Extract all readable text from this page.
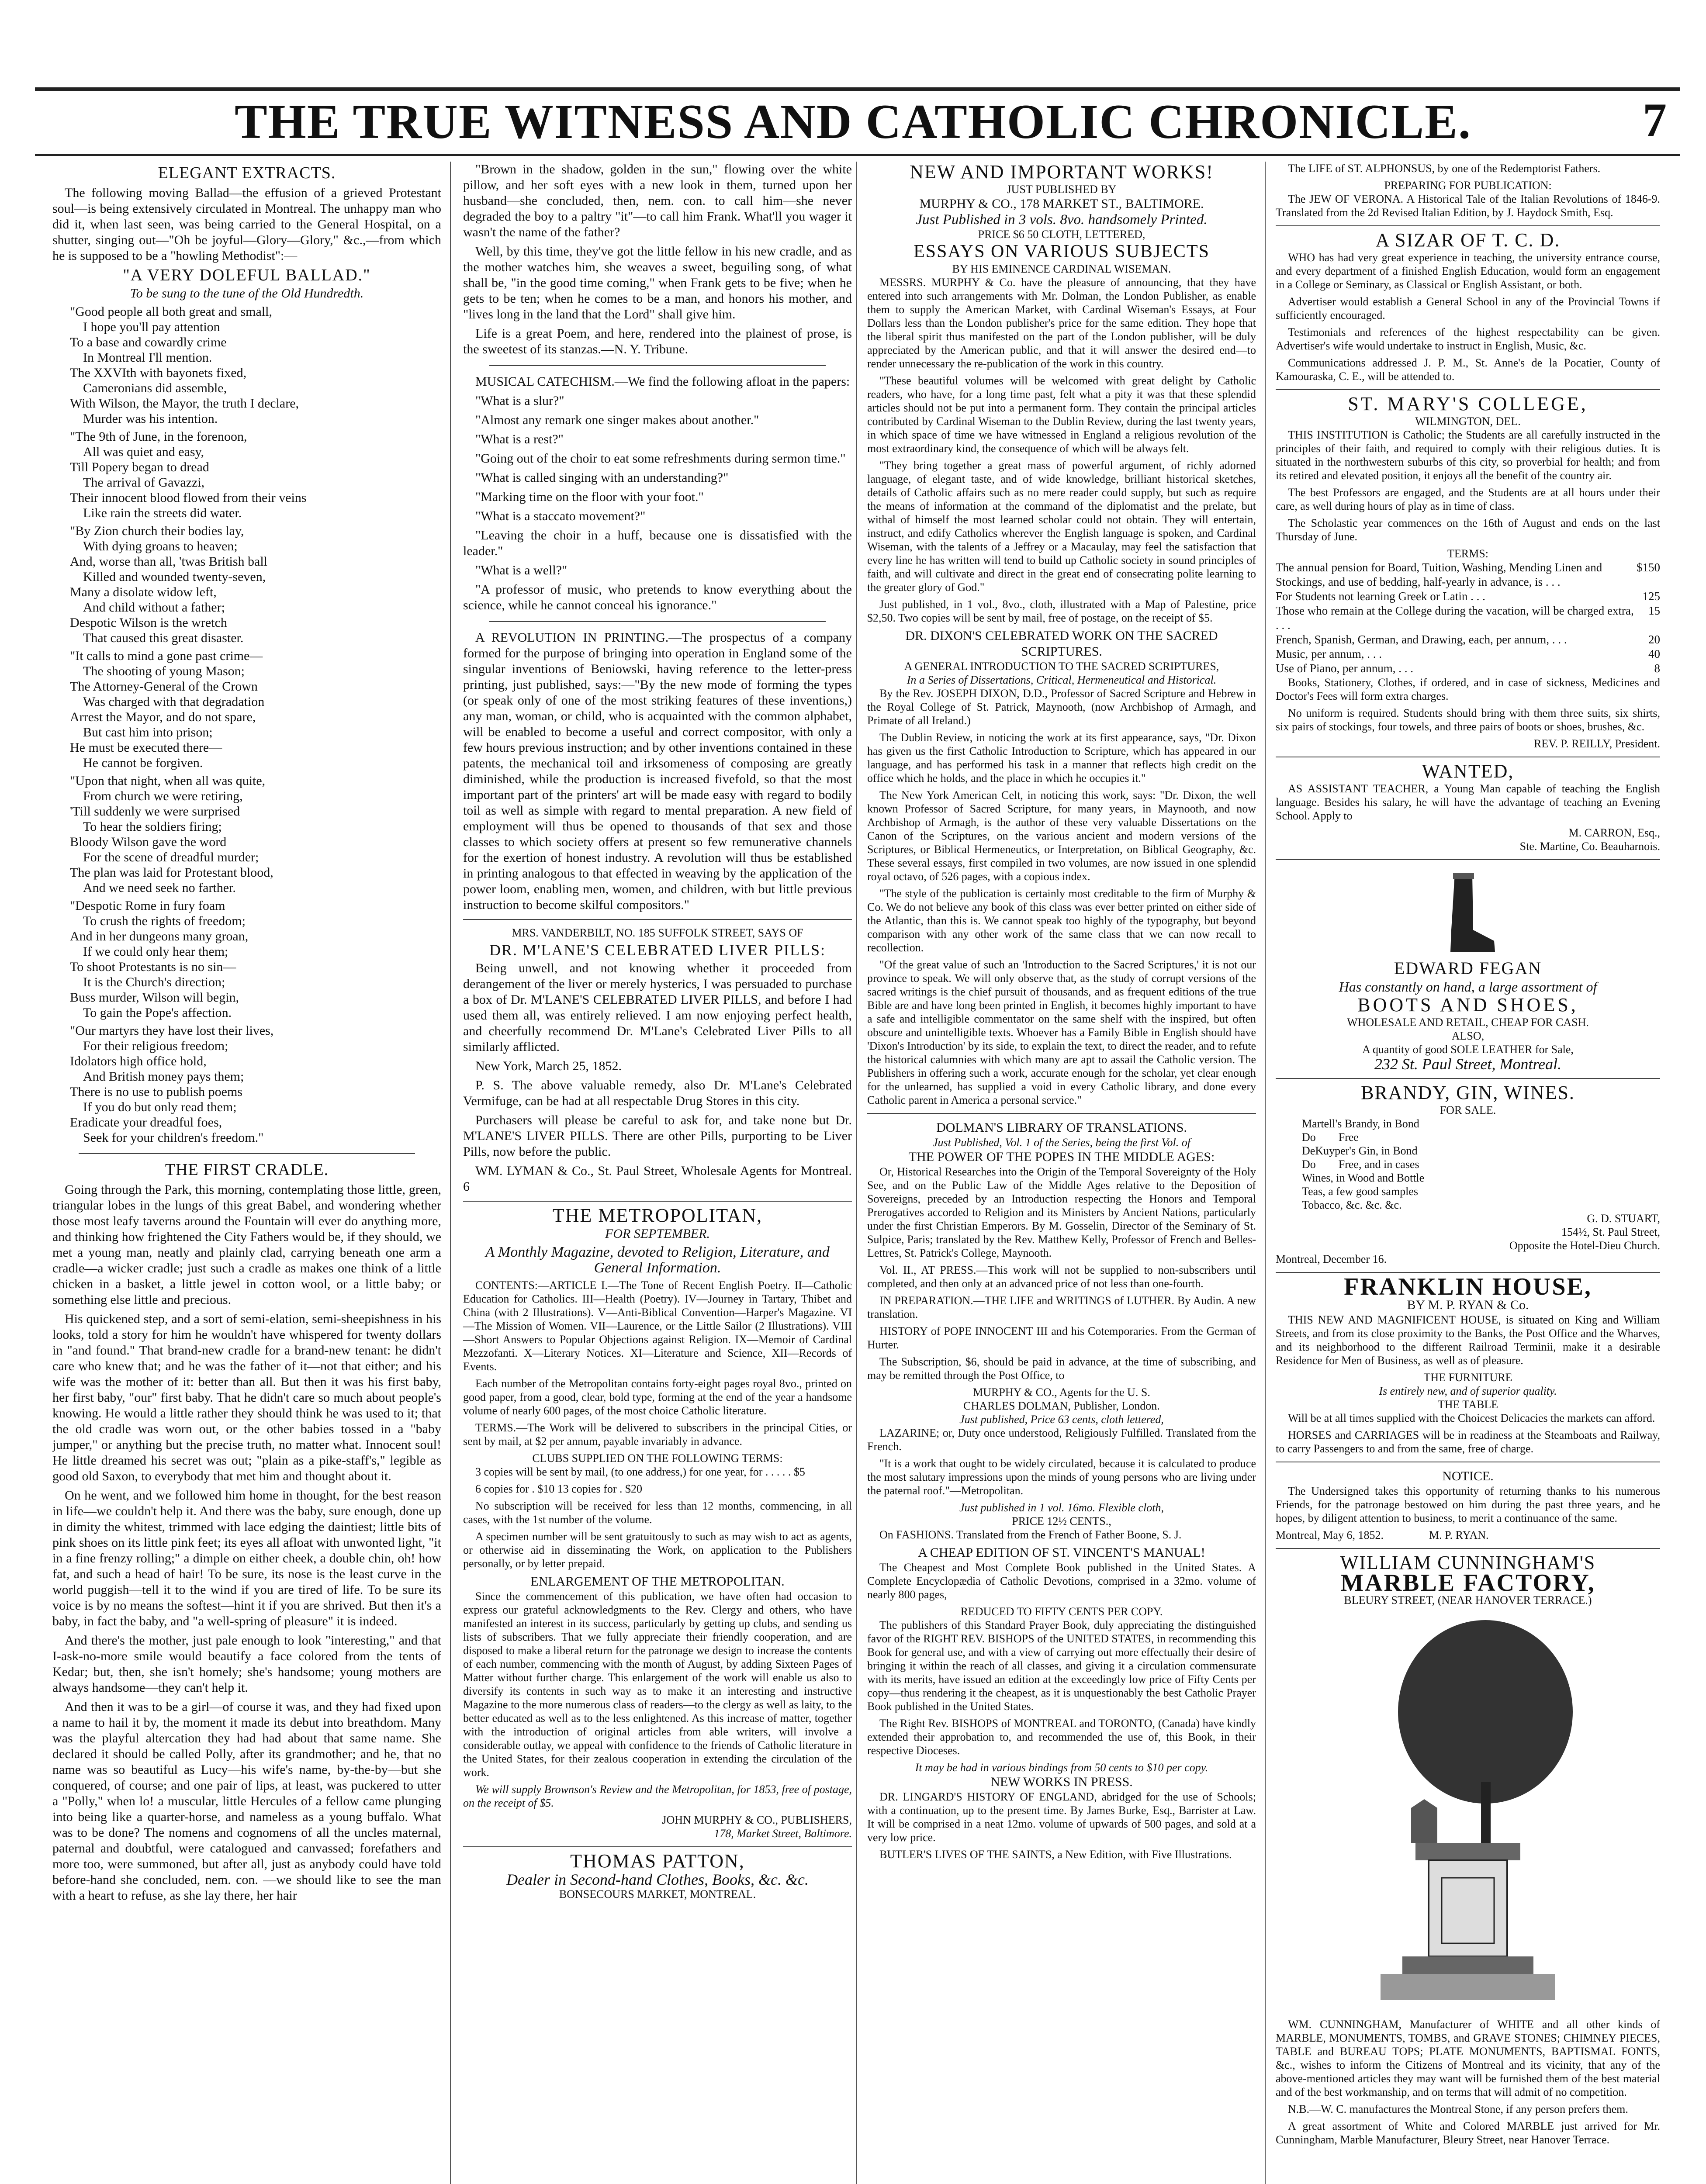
THE TRUE WITNESS AND CATHOLIC CHRONICLE.	7
ELEGANT EXTRACTS.

The following moving Ballad—the effusion of a grieved Protestant soul—is being extensively circulated in Montreal. The unhappy man who did it, when last seen, was being carried to the General Hospital, on a shutter, singing out—"Oh be joyful—Glory—Glory," &c.,—from which he is supposed to be a "howling Methodist":—

"A VERY DOLEFUL BALLAD."
To be sung to the tune of the Old Hundredth.
"Good people all both great and small,
I hope you'll pay attention
To a base and cowardly crime
In Montreal I'll mention.
The XXVIth with bayonets fixed,
Cameronians did assemble,
With Wilson, the Mayor, the truth I declare,
Murder was his intention.
"The 9th of June, in the forenoon,
All was quiet and easy,
Till Popery began to dread
The arrival of Gavazzi,
Their innocent blood flowed from their veins
Like rain the streets did water.
"By Zion church their bodies lay,
With dying groans to heaven;
And, worse than all, 'twas British ball
Killed and wounded twenty-seven,
Many a disolate widow left,
And child without a father;
Despotic Wilson is the wretch
That caused this great disaster.
"It calls to mind a gone past crime—
The shooting of young Mason;
The Attorney-General of the Crown
Was charged with that degradation
Arrest the Mayor, and do not spare,
But cast him into prison;
He must be executed there—
He cannot be forgiven.
"Upon that night, when all was quite,
From church we were retiring,
'Till suddenly we were surprised
To hear the soldiers firing;
Bloody Wilson gave the word
For the scene of dreadful murder;
The plan was laid for Protestant blood,
And we need seek no farther.
"Despotic Rome in fury foam
To crush the rights of freedom;
And in her dungeons many groan,
If we could only hear them;
To shoot Protestants is no sin—
It is the Church's direction;
Buss murder, Wilson will begin,
To gain the Pope's affection.
"Our martyrs they have lost their lives,
For their religious freedom;
Idolators high office hold,
And British money pays them;
There is no use to publish poems
If you do but only read them;
Eradicate your dreadful foes,
Seek for your children's freedom."
THE FIRST CRADLE.

Going through the Park, this morning, contemplating those little, green, triangular lobes in the lungs of this great Babel, and wondering whether those most leafy taverns around the Fountain will ever do anything more, and thinking how frightened the City Fathers would be, if they should, we met a young man, neatly and plainly clad, carrying beneath one arm a cradle—a wicker cradle; just such a cradle as makes one think of a little chicken in a basket, a little jewel in cotton wool, or a little baby; or something else little and precious.

His quickened step, and a sort of semi-elation, semi-sheepishness in his looks, told a story for him he wouldn't have whispered for twenty dollars in "and found." That brand-new cradle for a brand-new tenant: he didn't care who knew that; and he was the father of it—not that either; and his wife was the mother of it: better than all. But then it was his first baby, her first baby, "our" first baby. That he didn't care so much about people's knowing. He would a little rather they should think he was used to it; that the old cradle was worn out, or the other babies tossed in a "baby jumper," or anything but the precise truth, no matter what. Innocent soul! He little dreamed his secret was out; "plain as a pike-staff's," legible as good old Saxon, to everybody that met him and thought about it.

On he went, and we followed him home in thought, for the best reason in life—we couldn't help it. And there was the baby, sure enough, done up in dimity the whitest, trimmed with lace edging the daintiest; little bits of pink shoes on its little pink feet; its eyes all afloat with unwonted light, "it in a fine frenzy rolling;" a dimple on either cheek, a double chin, oh! how fat, and such a head of hair! To be sure, its nose is the least curve in the world puggish—tell it to the wind if you are tired of life. To be sure its voice is by no means the softest—hint it if you are shrived. But then it's a baby, in fact the baby, and "a well-spring of pleasure" it is indeed.

And there's the mother, just pale enough to look "interesting," and that I-ask-no-more smile would beautify a face colored from the tents of Kedar; but, then, she isn't homely; she's handsome; young mothers are always handsome—they can't help it.

And then it was to be a girl—of course it was, and they had fixed upon a name to hail it by, the moment it made its debut into breathdom. Many was the playful altercation they had had about that same name. She declared it should be called Polly, after its grandmother; and he, that no name was so beautiful as Lucy—his wife's name, by-the-by—but she conquered, of course; and one pair of lips, at least, was puckered to utter a "Polly," when lo! a muscular, little Hercules of a fellow came plunging into being like a quarter-horse, and nameless as a young buffalo. What was to be done? The nomens and cognomens of all the uncles maternal, paternal and doubtful, were catalogued and canvassed; forefathers and more too, were summoned, but after all, just as anybody could have told before-hand she concluded, nem. con. —we should like to see the man with a heart to refuse, as she lay there, her hair

"Brown in the shadow, golden in the sun," flowing over the white pillow, and her soft eyes with a new look in them, turned upon her husband—she concluded, then, nem. con. to call him—she never degraded the boy to a paltry "it"—to call him Frank. What'll you wager it wasn't the name of the father?

Well, by this time, they've got the little fellow in his new cradle, and as the mother watches him, she weaves a sweet, beguiling song, of what shall be, "in the good time coming," when Frank gets to be five; when he gets to be ten; when he comes to be a man, and honors his mother, and "lives long in the land that the Lord" shall give him.

Life is a great Poem, and here, rendered into the plainest of prose, is the sweetest of its stanzas.—N. Y. Tribune.

MUSICAL CATECHISM.—We find the following afloat in the papers:

"What is a slur?"

"Almost any remark one singer makes about another."

"What is a rest?"

"Going out of the choir to eat some refreshments during sermon time."

"What is called singing with an understanding?"

"Marking time on the floor with your foot."

"What is a staccato movement?"

"Leaving the choir in a huff, because one is dissatisfied with the leader."

"What is a well?"

"A professor of music, who pretends to know everything about the science, while he cannot conceal his ignorance."

A REVOLUTION IN PRINTING.—The prospectus of a company formed for the purpose of bringing into operation in England some of the singular inventions of Beniowski, having reference to the letter-press printing, just published, says:—"By the new mode of forming the types (or speak only of one of the most striking features of these inventions,) any man, woman, or child, who is acquainted with the common alphabet, will be enabled to become a useful and correct compositor, with only a few hours previous instruction; and by other inventions contained in these patents, the mechanical toil and irksomeness of composing are greatly diminished, while the production is increased fivefold, so that the most important part of the printers' art will be made easy with regard to bodily toil as well as simple with regard to mental preparation. A new field of employment will thus be opened to thousands of that sex and those classes to which society offers at present so few remunerative channels for the exertion of honest industry. A revolution will thus be established in printing analogous to that effected in weaving by the application of the power loom, enabling men, women, and children, with but little previous instruction to become skilful compositors."

MRS. VANDERBILT, NO. 185 SUFFOLK STREET, SAYS OF
DR. M'LANE'S CELEBRATED LIVER PILLS:

Being unwell, and not knowing whether it proceeded from derangement of the liver or merely hysterics, I was persuaded to purchase a box of Dr. M'LANE'S CELEBRATED LIVER PILLS, and before I had used them all, was entirely relieved. I am now enjoying perfect health, and cheerfully recommend Dr. M'Lane's Celebrated Liver Pills to all similarly afflicted.

New York, March 25, 1852.

P. S. The above valuable remedy, also Dr. M'Lane's Celebrated Vermifuge, can be had at all respectable Drug Stores in this city.

Purchasers will please be careful to ask for, and take none but Dr. M'LANE'S LIVER PILLS. There are other Pills, purporting to be Liver Pills, now before the public.

WM. LYMAN & Co., St. Paul Street, Wholesale Agents for Montreal. 6

THE METROPOLITAN,
FOR SEPTEMBER.
A Monthly Magazine, devoted to Religion, Literature, and General Information.

CONTENTS:—ARTICLE I.—The Tone of Recent English Poetry. II—Catholic Education for Catholics. III—Health (Poetry). IV—Journey in Tartary, Thibet and China (with 2 Illustrations). V—Anti-Biblical Convention—Harper's Magazine. VI—The Mission of Women. VII—Laurence, or the Little Sailor (2 Illustrations). VIII—Short Answers to Popular Objections against Religion. IX—Memoir of Cardinal Mezzofanti. X—Literary Notices. XI—Literature and Science, XII—Records of Events.

Each number of the Metropolitan contains forty-eight pages royal 8vo., printed on good paper, from a good, clear, bold type, forming at the end of the year a handsome volume of nearly 600 pages, of the most choice Catholic literature.

TERMS.—The Work will be delivered to subscribers in the principal Cities, or sent by mail, at $2 per annum, payable invariably in advance.

CLUBS SUPPLIED ON THE FOLLOWING TERMS:

3 copies will be sent by mail, (to one address,) for one year, for . . . . . $5

6 copies for . $10 13 copies for . $20

No subscription will be received for less than 12 months, commencing, in all cases, with the 1st number of the volume.

A specimen number will be sent gratuitously to such as may wish to act as agents, or otherwise aid in disseminating the Work, on application to the Publishers personally, or by letter prepaid.

ENLARGEMENT OF THE METROPOLITAN.

Since the commencement of this publication, we have often had occasion to express our grateful acknowledgments to the Rev. Clergy and others, who have manifested an interest in its success, particularly by getting up clubs, and sending us lists of subscribers. That we fully appreciate their friendly cooperation, and are disposed to make a liberal return for the patronage we design to increase the contents of each number, commencing with the month of August, by adding Sixteen Pages of Matter without further charge. This enlargement of the work will enable us also to diversify its contents in such way as to make it an interesting and instructive Magazine to the more numerous class of readers—to the clergy as well as laity, to the better educated as well as to the less enlightened. As this increase of matter, together with the introduction of original articles from able writers, will involve a considerable outlay, we appeal with confidence to the friends of Catholic literature in the United States, for their zealous cooperation in extending the circulation of the work.

We will supply Brownson's Review and the Metropolitan, for 1853, free of postage, on the receipt of $5.

JOHN MURPHY & CO., PUBLISHERS,
178, Market Street, Baltimore.
THOMAS PATTON,
Dealer in Second-hand Clothes, Books, &c. &c.
BONSECOURS MARKET, MONTREAL.
NEW AND IMPORTANT WORKS!
JUST PUBLISHED BY
MURPHY & CO., 178 MARKET ST., BALTIMORE.
Just Published in 3 vols. 8vo. handsomely Printed.
PRICE $6 50 CLOTH, LETTERED,
ESSAYS ON VARIOUS SUBJECTS
BY HIS EMINENCE CARDINAL WISEMAN.

MESSRS. MURPHY & Co. have the pleasure of announcing, that they have entered into such arrangements with Mr. Dolman, the London Publisher, as enable them to supply the American Market, with Cardinal Wiseman's Essays, at Four Dollars less than the London publisher's price for the same edition. They hope that the liberal spirit thus manifested on the part of the London publisher, will be duly appreciated by the American public, and that it will answer the desired end—to render unnecessary the re-publication of the work in this country.

"These beautiful volumes will be welcomed with great delight by Catholic readers, who have, for a long time past, felt what a pity it was that these splendid articles should not be put into a permanent form. They contain the principal articles contributed by Cardinal Wiseman to the Dublin Review, during the last twenty years, in which space of time we have witnessed in England a religious revolution of the most extraordinary kind, the consequence of which will be always felt.

"They bring together a great mass of powerful argument, of richly adorned language, of elegant taste, and of wide knowledge, brilliant historical sketches, details of Catholic affairs such as no mere reader could supply, but such as require the means of information at the command of the diplomatist and the prelate, but withal of himself the most learned scholar could not obtain. They will entertain, instruct, and edify Catholics wherever the English language is spoken, and Cardinal Wiseman, with the talents of a Jeffrey or a Macaulay, may feel the satisfaction that every line he has written will tend to build up Catholic society in sound principles of faith, and will cultivate and direct in the great end of consecrating polite learning to the greater glory of God."

Just published, in 1 vol., 8vo., cloth, illustrated with a Map of Palestine, price $2,50. Two copies will be sent by mail, free of postage, on the receipt of $5.

DR. DIXON'S CELEBRATED WORK ON THE SACRED SCRIPTURES.
A GENERAL INTRODUCTION TO THE SACRED SCRIPTURES,
In a Series of Dissertations, Critical, Hermeneutical and Historical.

By the Rev. JOSEPH DIXON, D.D., Professor of Sacred Scripture and Hebrew in the Royal College of St. Patrick, Maynooth, (now Archbishop of Armagh, and Primate of all Ireland.)

The Dublin Review, in noticing the work at its first appearance, says, "Dr. Dixon has given us the first Catholic Introduction to Scripture, which has appeared in our language, and has performed his task in a manner that reflects high credit on the office which he holds, and the place in which he occupies it."

The New York American Celt, in noticing this work, says: "Dr. Dixon, the well known Professor of Sacred Scripture, for many years, in Maynooth, and now Archbishop of Armagh, is the author of these very valuable Dissertations on the Canon of the Scriptures, on the various ancient and modern versions of the Scriptures, or Biblical Hermeneutics, or Interpretation, on Biblical Geography, &c. These several essays, first compiled in two volumes, are now issued in one splendid royal octavo, of 526 pages, with a copious index.

"The style of the publication is certainly most creditable to the firm of Murphy & Co. We do not believe any book of this class was ever better printed on either side of the Atlantic, than this is. We cannot speak too highly of the typography, but beyond comparison with any other work of the same class that we can now recall to recollection.

"Of the great value of such an 'Introduction to the Sacred Scriptures,' it is not our province to speak. We will only observe that, as the study of corrupt versions of the sacred writings is the chief pursuit of thousands, and as frequent editions of the true Bible are and have long been printed in English, it becomes highly important to have a safe and intelligible commentator on the same shelf with the inspired, but often obscure and unintelligible texts. Whoever has a Family Bible in English should have 'Dixon's Introduction' by its side, to explain the text, to direct the reader, and to refute the historical calumnies with which many are apt to assail the Catholic version. The Publishers in offering such a work, accurate enough for the scholar, yet clear enough for the unlearned, has supplied a void in every Catholic library, and done every Catholic parent in America a personal service."

DOLMAN'S LIBRARY OF TRANSLATIONS.
Just Published, Vol. 1 of the Series, being the first Vol. of
THE POWER OF THE POPES IN THE MIDDLE AGES:

Or, Historical Researches into the Origin of the Temporal Sovereignty of the Holy See, and on the Public Law of the Middle Ages relative to the Deposition of Sovereigns, preceded by an Introduction respecting the Honors and Temporal Prerogatives accorded to Religion and its Ministers by Ancient Nations, particularly under the first Christian Emperors. By M. Gosselin, Director of the Seminary of St. Sulpice, Paris; translated by the Rev. Matthew Kelly, Professor of French and Belles-Lettres, St. Patrick's College, Maynooth.

Vol. II., AT PRESS.—This work will not be supplied to non-subscribers until completed, and then only at an advanced price of not less than one-fourth.

IN PREPARATION.—THE LIFE and WRITINGS of LUTHER. By Audin. A new translation.

HISTORY of POPE INNOCENT III and his Cotemporaries. From the German of Hurter.

The Subscription, $6, should be paid in advance, at the time of subscribing, and may be remitted through the Post Office, to

MURPHY & CO., Agents for the U. S.
CHARLES DOLMAN, Publisher, London.
Just published, Price 63 cents, cloth lettered,

LAZARINE; or, Duty once understood, Religiously Fulfilled. Translated from the French.

"It is a work that ought to be widely circulated, because it is calculated to produce the most salutary impressions upon the minds of young persons who are living under the paternal roof."—Metropolitan.

Just published in 1 vol. 16mo. Flexible cloth,
PRICE 12½ CENTS.,

On FASHIONS. Translated from the French of Father Boone, S. J.

A CHEAP EDITION OF ST. VINCENT'S MANUAL!

The Cheapest and Most Complete Book published in the United States. A Complete Encyclopædia of Catholic Devotions, comprised in a 32mo. volume of nearly 800 pages,

REDUCED TO FIFTY CENTS PER COPY.

The publishers of this Standard Prayer Book, duly appreciating the distinguished favor of the RIGHT REV. BISHOPS of the UNITED STATES, in recommending this Book for general use, and with a view of carrying out more effectually their desire of bringing it within the reach of all classes, and giving it a circulation commensurate with its merits, have issued an edition at the exceedingly low price of Fifty Cents per copy—thus rendering it the cheapest, as it is unquestionably the best Catholic Prayer Book published in the United States.

The Right Rev. BISHOPS of MONTREAL and TORONTO, (Canada) have kindly extended their approbation to, and recommended the use of, this Book, in their respective Dioceses.

It may be had in various bindings from 50 cents to $10 per copy.
NEW WORKS IN PRESS.

DR. LINGARD'S HISTORY OF ENGLAND, abridged for the use of Schools; with a continuation, up to the present time. By James Burke, Esq., Barrister at Law. It will be comprised in a neat 12mo. volume of upwards of 500 pages, and sold at a very low price.

BUTLER'S LIVES OF THE SAINTS, a New Edition, with Five Illustrations.

The LIFE of ST. ALPHONSUS, by one of the Redemptorist Fathers.

PREPARING FOR PUBLICATION:

The JEW OF VERONA. A Historical Tale of the Italian Revolutions of 1846-9. Translated from the 2d Revised Italian Edition, by J. Haydock Smith, Esq.

A SIZAR OF T. C. D.

WHO has had very great experience in teaching, the university entrance course, and every department of a finished English Education, would form an engagement in a College or Seminary, as Classical or English Assistant, or both.

Advertiser would establish a General School in any of the Provincial Towns if sufficiently encouraged.

Testimonials and references of the highest respectability can be given. Advertiser's wife would undertake to instruct in English, Music, &c.

Communications addressed J. P. M., St. Anne's de la Pocatier, County of Kamouraska, C. E., will be attended to.

ST. MARY'S COLLEGE,
WILMINGTON, DEL.

THIS INSTITUTION is Catholic; the Students are all carefully instructed in the principles of their faith, and required to comply with their religious duties. It is situated in the northwestern suburbs of this city, so proverbial for health; and from its retired and elevated position, it enjoys all the benefit of the country air.

The best Professors are engaged, and the Students are at all hours under their care, as well during hours of play as in time of class.

The Scholastic year commences on the 16th of August and ends on the last Thursday of June.

TERMS:
The annual pension for Board, Tuition, Washing, Mending Linen and Stockings, and use of bedding, half-yearly in advance, is . . .
$150
For Students not learning Greek or Latin . . .	125
Those who remain at the College during the vacation, will be charged extra, . . .
15
French, Spanish, German, and Drawing, each, per annum, . . .	20
Music, per annum, . . .	40
Use of Piano, per annum, . . .	8

Books, Stationery, Clothes, if ordered, and in case of sickness, Medicines and Doctor's Fees will form extra charges.

No uniform is required. Students should bring with them three suits, six shirts, six pairs of stockings, four towels, and three pairs of boots or shoes, brushes, &c.

REV. P. REILLY, President.
WANTED,

AS ASSISTANT TEACHER, a Young Man capable of teaching the English language. Besides his salary, he will have the advantage of teaching an Evening School. Apply to

M. CARRON, Esq.,
Ste. Martine, Co. Beauharnois.
EDWARD FEGAN
Has constantly on hand, a large assortment of
BOOTS AND SHOES,
WHOLESALE AND RETAIL, CHEAP FOR CASH.
ALSO,
A quantity of good SOLE LEATHER for Sale,
232 St. Paul Street, Montreal.
BRANDY, GIN, WINES.
FOR SALE.
Martell's Brandy, in Bond
Do        Free
DeKuyper's Gin, in Bond
Do        Free, and in cases
Wines, in Wood and Bottle
Teas, a few good samples
Tobacco, &c. &c. &c.
G. D. STUART,
154½, St. Paul Street,
Opposite the Hotel-Dieu Church.
Montreal, December 16.
FRANKLIN HOUSE,
BY M. P. RYAN & Co.

THIS NEW AND MAGNIFICENT HOUSE, is situated on King and William Streets, and from its close proximity to the Banks, the Post Office and the Wharves, and its neighborhood to the different Railroad Terminii, make it a desirable Residence for Men of Business, as well as of pleasure.

THE FURNITURE
Is entirely new, and of superior quality.
THE TABLE

Will be at all times supplied with the Choicest Delicacies the markets can afford.

HORSES and CARRIAGES will be in readiness at the Steamboats and Railway, to carry Passengers to and from the same, free of charge.

NOTICE.

The Undersigned takes this opportunity of returning thanks to his numerous Friends, for the patronage bestowed on him during the past three years, and he hopes, by diligent attention to business, to merit a continuance of the same.

Montreal, May 6, 1852.                M. P. RYAN.
WILLIAM CUNNINGHAM'S
MARBLE FACTORY,
BLEURY STREET, (NEAR HANOVER TERRACE.)

WM. CUNNINGHAM, Manufacturer of WHITE and all other kinds of MARBLE, MONUMENTS, TOMBS, and GRAVE STONES; CHIMNEY PIECES, TABLE and BUREAU TOPS; PLATE MONUMENTS, BAPTISMAL FONTS, &c., wishes to inform the Citizens of Montreal and its vicinity, that any of the above-mentioned articles they may want will be furnished them of the best material and of the best workmanship, and on terms that will admit of no competition.

N.B.—W. C. manufactures the Montreal Stone, if any person prefers them.

A great assortment of White and Colored MARBLE just arrived for Mr. Cunningham, Marble Manufacturer, Bleury Street, near Hanover Terrace.
